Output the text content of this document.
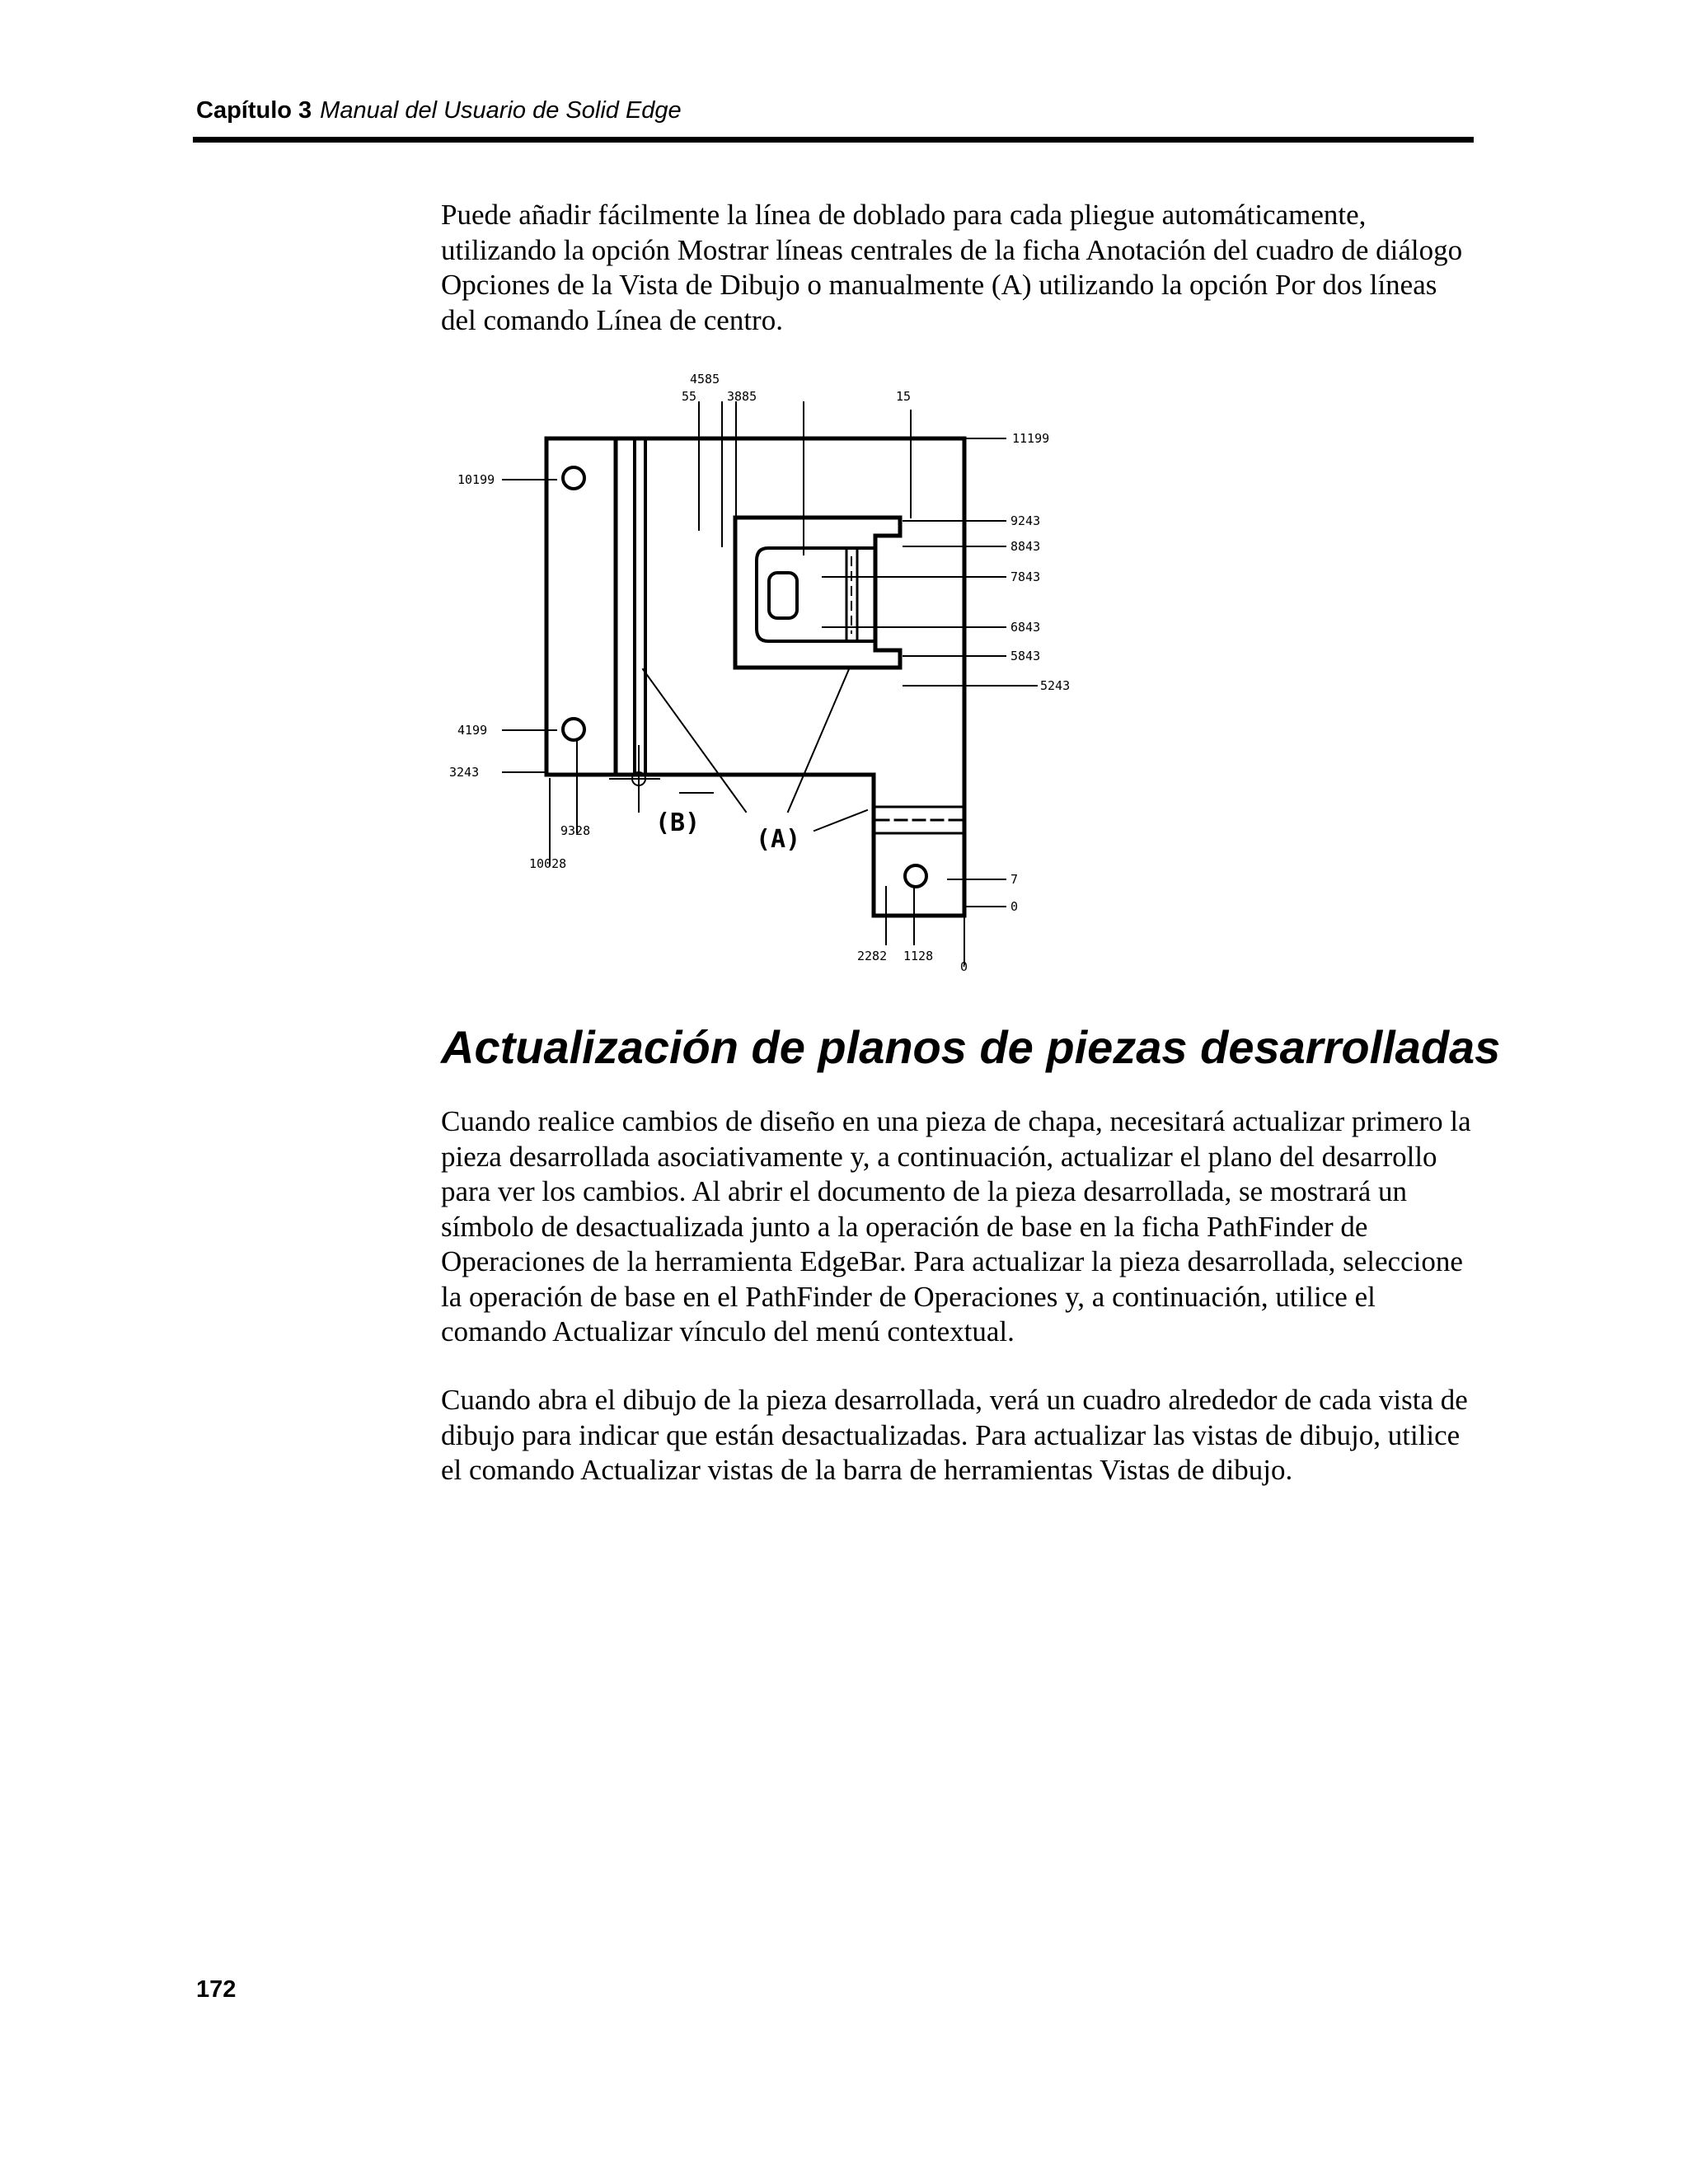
Capítulo 3 Manual del Usuario de Solid Edge

Puede añadir fácilmente la línea de doblado para cada pliegue automáticamente, utilizando la opción Mostrar líneas centrales de la ficha Anotación del cuadro de diálogo Opciones de la Vista de Dibujo o manualmente (A) utilizando la opción Por dos líneas del comando Línea de centro.

4585
55 3885	15
11199
9243
8843
7843
6843
5843
5243
7
0
10199
4199
3243
9328
10028
2282 1128
0
(B)
(A)
Actualización de planos de piezas desarrolladas

Cuando realice cambios de diseño en una pieza de chapa, necesitará actualizar primero la pieza desarrollada asociativamente y, a continuación, actualizar el plano del desarrollo para ver los cambios. Al abrir el documento de la pieza desarrollada, se mostrará un símbolo de desactualizada junto a la operación de base en la ficha PathFinder de Operaciones de la herramienta EdgeBar. Para actualizar la pieza desarrollada, seleccione la operación de base en el PathFinder de Operaciones y, a continuación, utilice el comando Actualizar vínculo del menú contextual.

Cuando abra el dibujo de la pieza desarrollada, verá un cuadro alrededor de cada vista de dibujo para indicar que están desactualizadas. Para actualizar las vistas de dibujo, utilice el comando Actualizar vistas de la barra de herramientas Vistas de dibujo.

172
